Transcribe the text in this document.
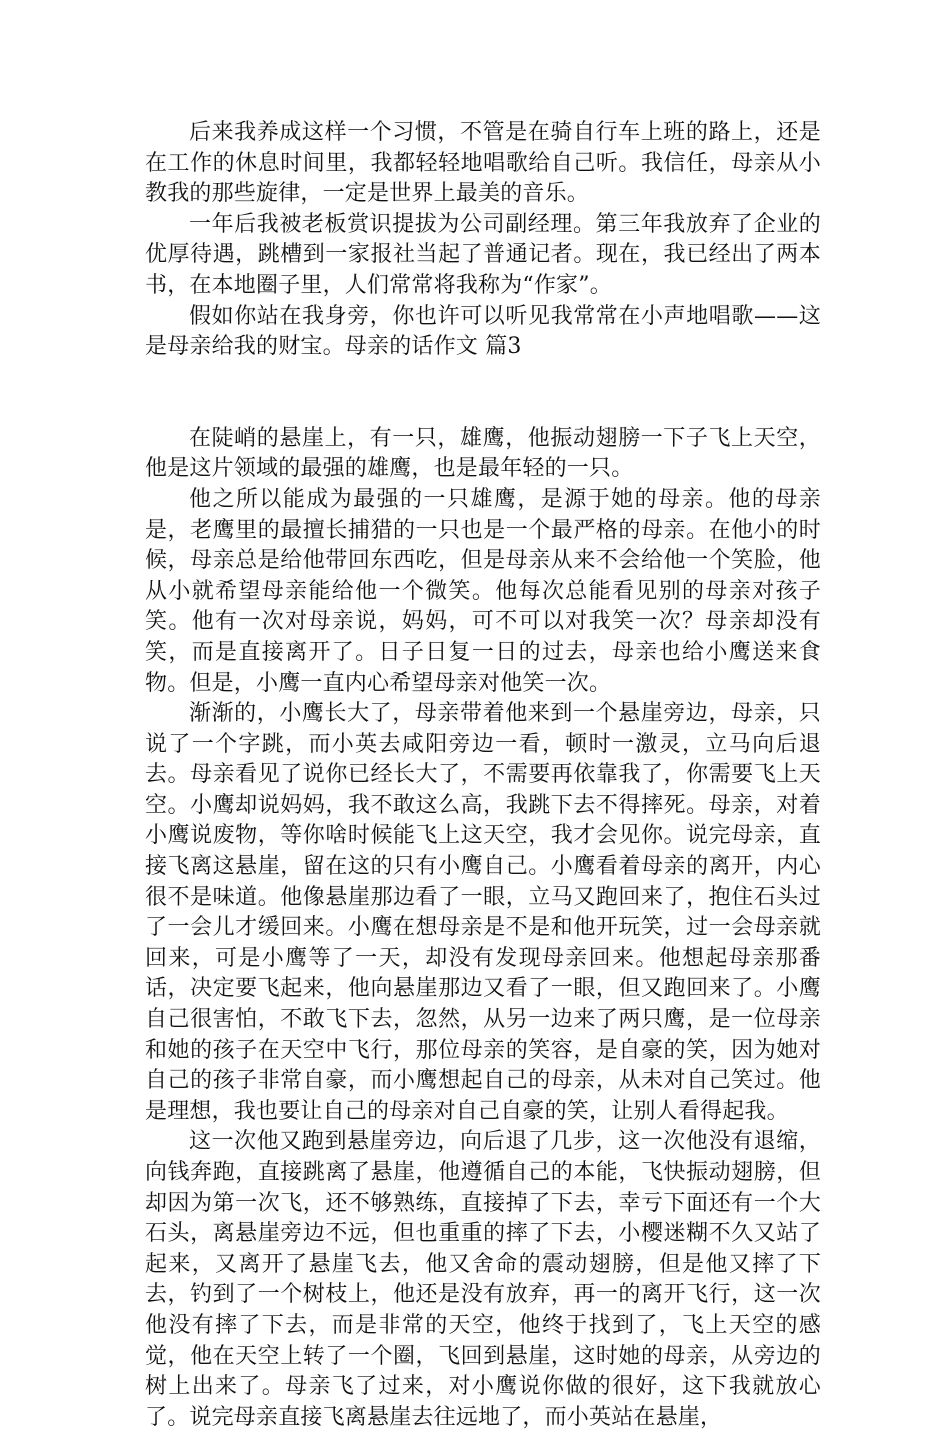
后来我养成这样一个习惯，不管是在骑自行车上班的路上，还是在工作的休息时间里，我都轻轻地唱歌给自己听。我信任，母亲从小教我的那些旋律，一定是世界上最美的音乐。

一年后我被老板赏识提拔为公司副经理。第三年我放弃了企业的优厚待遇，跳槽到一家报社当起了普通记者。现在，我已经出了两本书，在本地圈子里，人们常常将我称为“作家”。

假如你站在我身旁，你也许可以听见我常常在小声地唱歌——这是母亲给我的财宝。母亲的话作文 篇3

在陡峭的悬崖上，有一只，雄鹰，他振动翅膀一下子飞上天空，他是这片领域的最强的雄鹰，也是最年轻的一只。

他之所以能成为最强的一只雄鹰，是源于她的母亲。他的母亲是，老鹰里的最擅长捕猎的一只也是一个最严格的母亲。在他小的时候，母亲总是给他带回东西吃，但是母亲从来不会给他一个笑脸，他从小就希望母亲能给他一个微笑。他每次总能看见别的母亲对孩子笑。他有一次对母亲说，妈妈，可不可以对我笑一次？母亲却没有笑，而是直接离开了。日子日复一日的过去，母亲也给小鹰送来食物。但是，小鹰一直内心希望母亲对他笑一次。

渐渐的，小鹰长大了，母亲带着他来到一个悬崖旁边，母亲，只说了一个字跳，而小英去咸阳旁边一看，顿时一激灵，立马向后退去。母亲看见了说你已经长大了，不需要再依靠我了，你需要飞上天空。小鹰却说妈妈，我不敢这么高，我跳下去不得摔死。母亲，对着小鹰说废物，等你啥时候能飞上这天空，我才会见你。说完母亲，直接飞离这悬崖，留在这的只有小鹰自己。小鹰看着母亲的离开，内心很不是味道。他像悬崖那边看了一眼，立马又跑回来了，抱住石头过了一会儿才缓回来。小鹰在想母亲是不是和他开玩笑，过一会母亲就回来，可是小鹰等了一天，却没有发现母亲回来。他想起母亲那番话，决定要飞起来，他向悬崖那边又看了一眼，但又跑回来了。小鹰自己很害怕，不敢飞下去，忽然，从另一边来了两只鹰，是一位母亲和她的孩子在天空中飞行，那位母亲的笑容，是自豪的笑，因为她对自己的孩子非常自豪，而小鹰想起自己的母亲，从未对自己笑过。他是理想，我也要让自己的母亲对自己自豪的笑，让别人看得起我。

这一次他又跑到悬崖旁边，向后退了几步，这一次他没有退缩，向钱奔跑，直接跳离了悬崖，他遵循自己的本能，飞快振动翅膀，但却因为第一次飞，还不够熟练，直接掉了下去，幸亏下面还有一个大石头，离悬崖旁边不远，但也重重的摔了下去，小樱迷糊不久又站了起来，又离开了悬崖飞去，他又舍命的震动翅膀，但是他又摔了下去，钓到了一个树枝上，他还是没有放弃，再一的离开飞行，这一次他没有摔了下去，而是非常的天空，他终于找到了，飞上天空的感觉，他在天空上转了一个圈，飞回到悬崖，这时她的母亲，从旁边的树上出来了。母亲飞了过来，对小鹰说你做的很好，这下我就放心了。说完母亲直接飞离悬崖去往远地了，而小英站在悬崖，
